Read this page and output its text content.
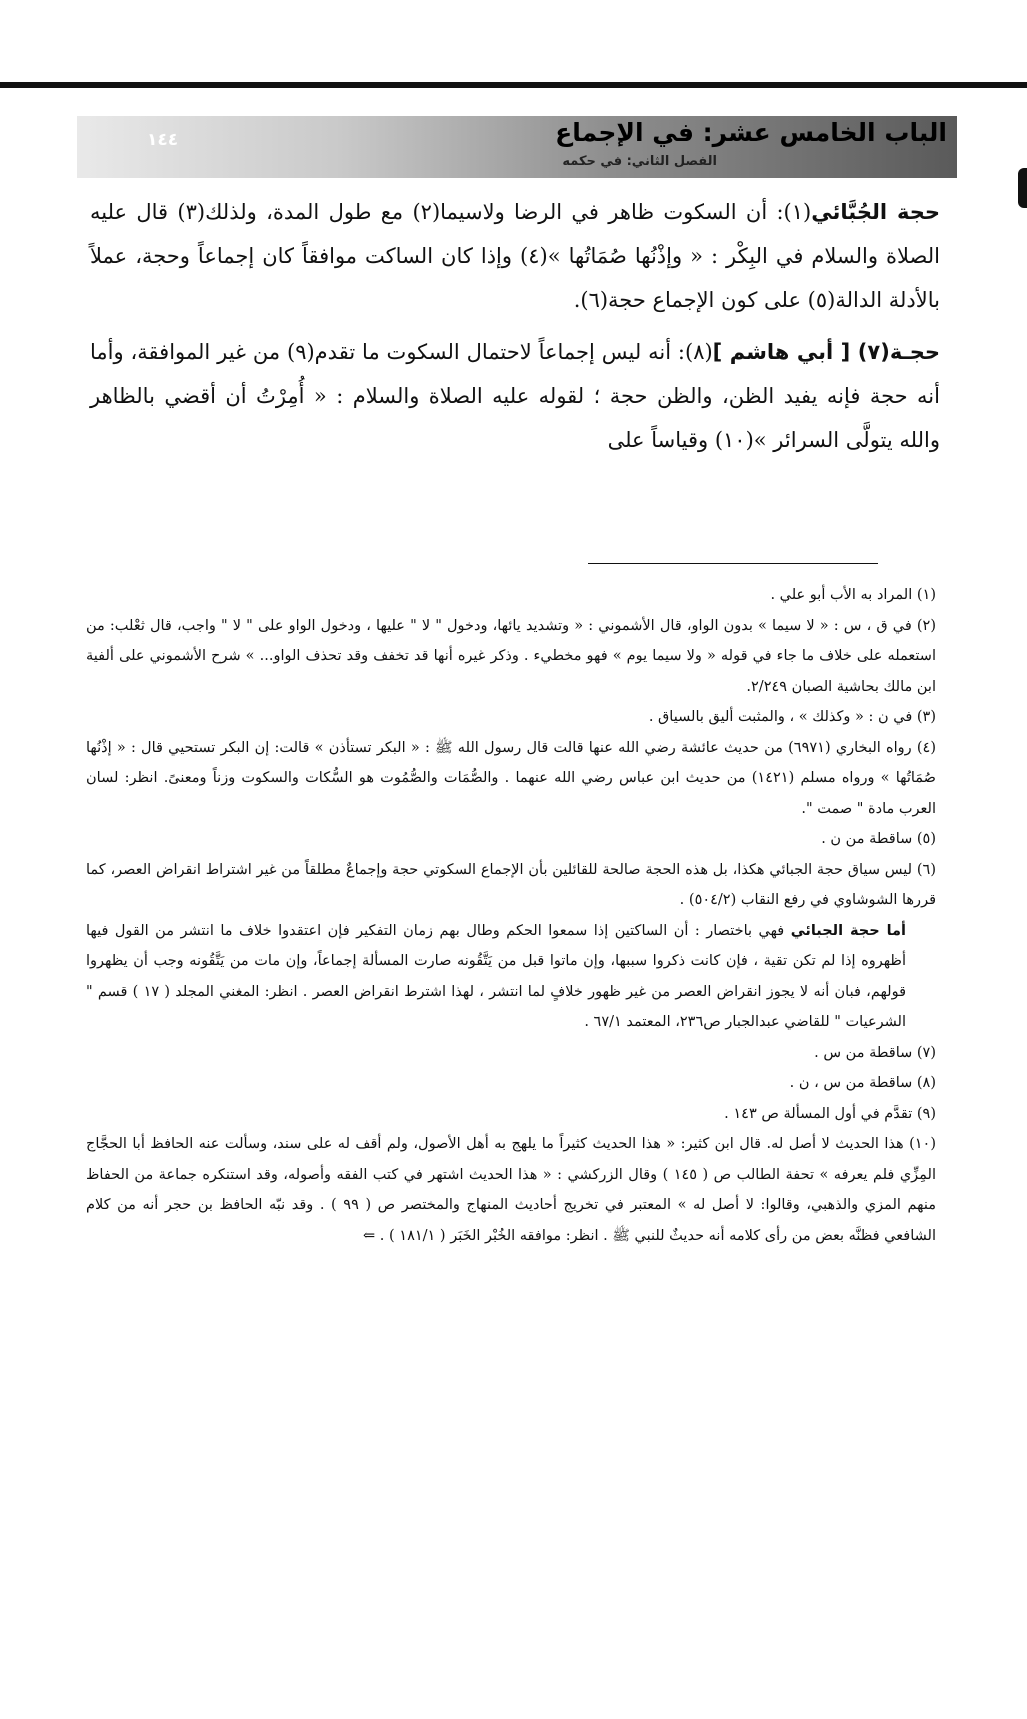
الباب الخامس عشر: في الإجماع
الفصل الثاني: في حكمه
١٤٤

حجة الجُبَّائي(١): أن السكوت ظاهر في الرضا ولاسيما(٢) مع طول المدة، ولذلك(٣) قال عليه الصلاة والسلام في البِكْر : « وإذْنُها صُمَاتُها »(٤) وإذا كان الساكت موافقاً كان إجماعاً وحجة، عملاً بالأدلة الدالة(٥) على كون الإجماع حجة(٦).

حجـة(٧) [ أبي هاشم ](٨): أنه ليس إجماعاً لاحتمال السكوت ما تقدم(٩) من غير الموافقة، وأما أنه حجة فإنه يفيد الظن، والظن حجة ؛ لقوله عليه الصلاة والسلام : « أُمِرْتُ أن أقضي بالظاهر والله يتولَّى السرائر »(١٠) وقياساً على

(١) المراد به الأب أبو علي .

(٢) في ق ، س : « لا سيما » بدون الواو، قال الأشموني : « وتشديد يائها، ودخول " لا " عليها ، ودخول الواو على " لا " واجب، قال ثعْلب: من استعمله على خلاف ما جاء في قوله « ولا سيما يوم » فهو مخطيء . وذكر غيره أنها قد تخفف وقد تحذف الواو... » شرح الأشموني على ألفية ابن مالك بحاشية الصبان ٢/٢٤٩.

(٣) في ن : « وكذلك » ، والمثبت أليق بالسياق .

(٤) رواه البخاري (٦٩٧١) من حديث عائشة رضي الله عنها قالت قال رسول الله ﷺ : « البكر تستأذن » قالت: إن البكر تستحيي قال : « إذْنُها صُمَاتُها » ورواه مسلم (١٤٢١) من حديث ابن عباس رضي الله عنهما . والصُّمَات والصُّمُوت هو السُّكات والسكوت وزناً ومعنىً. انظر: لسان العرب مادة " صمت ".

(٥) ساقطة من ن .

(٦) ليس سياق حجة الجبائي هكذا، بل هذه الحجة صالحة للقائلين بأن الإجماع السكوتي حجة وإجماعٌ مطلقاً من غير اشتراط انقراض العصر، كما قررها الشوشاوي في رفع النقاب (٥٠٤/٢) .

أما حجة الجبائي فهي باختصار : أن الساكتين إذا سمعوا الحكم وطال بهم زمان التفكير فإن اعتقدوا خلاف ما انتشر من القول فيها أظهروه إذا لم تكن تقية ، فإن كانت ذكروا سببها، وإن ماتوا قبل من يَتَّقُونه صارت المسألة إجماعاً، وإن مات من يَتَّقُونه وجب أن يظهروا قولهم، فبان أنه لا يجوز انقراض العصر من غير ظهور خلافٍ لما انتشر ، لهذا اشترط انقراض العصر . انظر: المغني المجلد ( ١٧ ) قسم " الشرعيات " للقاضي عبدالجبار ص٢٣٦، المعتمد ٦٧/١ .

(٧) ساقطة من س .

(٨) ساقطة من س ، ن .

(٩) تقدَّم في أول المسألة ص ١٤٣ .

(١٠) هذا الحديث لا أصل له. قال ابن كثير: « هذا الحديث كثيراً ما يلهج به أهل الأصول، ولم أقف له على سند، وسألت عنه الحافظ أبا الحجَّاج المِزِّي فلم يعرفه » تحفة الطالب ص ( ١٤٥ ) وقال الزركشي : « هذا الحديث اشتهر في كتب الفقه وأصوله، وقد استنكره جماعة من الحفاظ منهم المزي والذهبي، وقالوا: لا أصل له » المعتبر في تخريج أحاديث المنهاج والمختصر ص ( ٩٩ ) . وقد نبّه الحافظ بن حجر أنه من كلام الشافعي فظنَّه بعض من رأى كلامه أنه حديثٌ للنبي ﷺ . انظر: موافقه الخُبْر الخَبَر ( ١٨١/١ ) . ⇐
